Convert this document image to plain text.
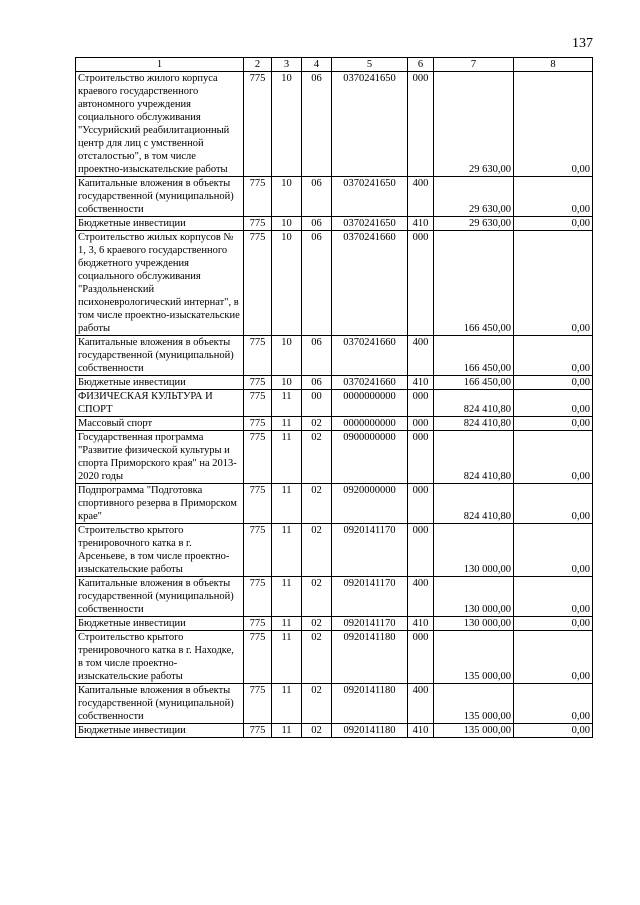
137
1	2	3	4	5	6	7	8
Строительство жилого корпуса краевого государственного автономного учреждения социального обслуживания "Уссурийский реабилитационный центр для лиц с умственной отсталостью", в том числе проектно-изыскательские работы	775	10	06	0370241650	000	29 630,00	0,00
Капитальные вложения в объекты государственной (муниципальной) собственности	775	10	06	0370241650	400	29 630,00	0,00
Бюджетные инвестиции	775	10	06	0370241650	410	29 630,00	0,00
Строительство жилых корпусов № 1, 3, 6 краевого государственного бюджетного учреждения социального обслуживания "Раздольненский психоневрологический интернат", в том числе проектно-изыскательские работы	775	10	06	0370241660	000	166 450,00	0,00
Капитальные вложения в объекты государственной (муниципальной) собственности	775	10	06	0370241660	400	166 450,00	0,00
Бюджетные инвестиции	775	10	06	0370241660	410	166 450,00	0,00
ФИЗИЧЕСКАЯ КУЛЬТУРА И СПОРТ	775	11	00	0000000000	000	824 410,80	0,00
Массовый спорт	775	11	02	0000000000	000	824 410,80	0,00
Государственная программа "Развитие физической культуры и спорта Приморского края" на 2013-2020 годы	775	11	02	0900000000	000	824 410,80	0,00
Подпрограмма "Подготовка спортивного резерва в Приморском крае"	775	11	02	0920000000	000	824 410,80	0,00
Строительство крытого тренировочного катка в г. Арсеньеве, в том числе проектно-изыскательские работы	775	11	02	0920141170	000	130 000,00	0,00
Капитальные вложения в объекты государственной (муниципальной) собственности	775	11	02	0920141170	400	130 000,00	0,00
Бюджетные инвестиции	775	11	02	0920141170	410	130 000,00	0,00
Строительство крытого тренировочного катка в г. Находке, в том числе проектно-изыскательские работы	775	11	02	0920141180	000	135 000,00	0,00
Капитальные вложения в объекты государственной (муниципальной) собственности	775	11	02	0920141180	400	135 000,00	0,00
Бюджетные инвестиции	775	11	02	0920141180	410	135 000,00	0,00
